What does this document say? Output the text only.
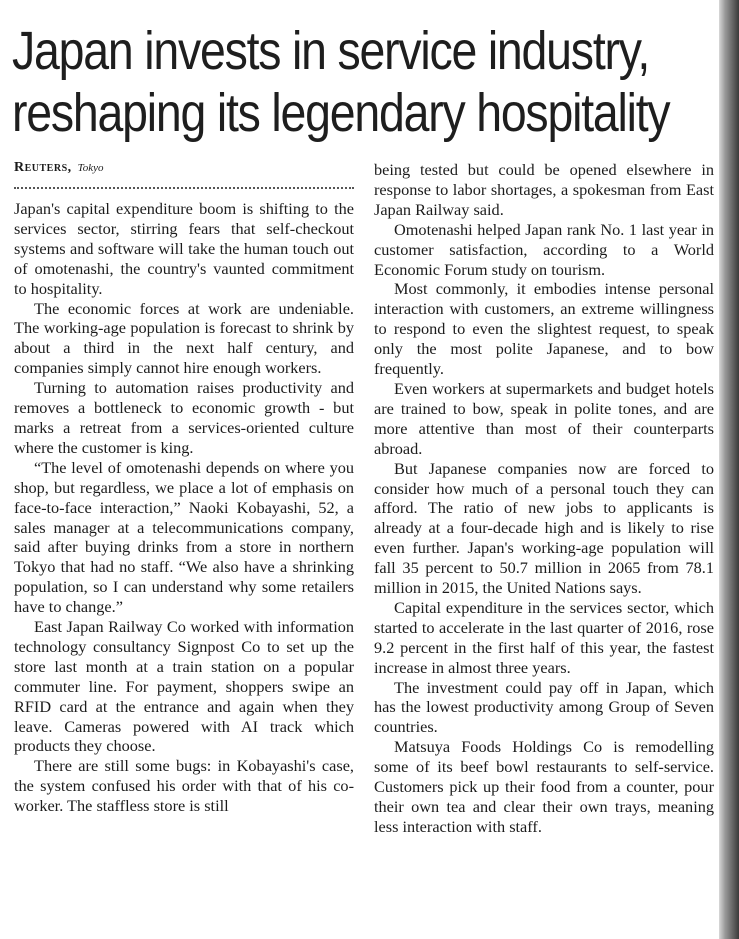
Japan invests in service industry,
reshaping its legendary hospitality
Reuters, Tokyo

Japan's capital expenditure boom is shifting to the services sector, stirring fears that self-checkout systems and software will take the human touch out of omotenashi, the country's vaunted commitment to hospitality.

The economic forces at work are undeniable. The working-age population is forecast to shrink by about a third in the next half century, and companies simply cannot hire enough workers.

Turning to automation raises productivity and removes a bottleneck to economic growth - but marks a retreat from a services-oriented culture where the customer is king.

“The level of omotenashi depends on where you shop, but regardless, we place a lot of emphasis on face-to-face interaction,” Naoki Kobayashi, 52, a sales manager at a telecommunications company, said after buying drinks from a store in northern Tokyo that had no staff. “We also have a shrinking population, so I can understand why some retailers have to change.”

East Japan Railway Co worked with information technology consultancy Signpost Co to set up the store last month at a train station on a popular commuter line. For payment, shoppers swipe an RFID card at the entrance and again when they leave. Cameras powered with AI track which products they choose.

There are still some bugs: in Kobayashi's case, the system confused his order with that of his co-worker. The staffless store is still

being tested but could be opened elsewhere in response to labor shortages, a spokesman from East Japan Railway said.

Omotenashi helped Japan rank No. 1 last year in customer satisfaction, according to a World Economic Forum study on tourism.

Most commonly, it embodies intense personal interaction with customers, an extreme willingness to respond to even the slightest request, to speak only the most polite Japanese, and to bow frequently.

Even workers at supermarkets and budget hotels are trained to bow, speak in polite tones, and are more attentive than most of their counterparts abroad.

But Japanese companies now are forced to consider how much of a personal touch they can afford. The ratio of new jobs to applicants is already at a four-decade high and is likely to rise even further. Japan's working-age population will fall 35 percent to 50.7 million in 2065 from 78.1 million in 2015, the United Nations says.

Capital expenditure in the services sector, which started to accelerate in the last quarter of 2016, rose 9.2 percent in the first half of this year, the fastest increase in almost three years.

The investment could pay off in Japan, which has the lowest productivity among Group of Seven countries.

Matsuya Foods Holdings Co is remodelling some of its beef bowl restaurants to self-service. Customers pick up their food from a counter, pour their own tea and clear their own trays, meaning less interaction with staff.
